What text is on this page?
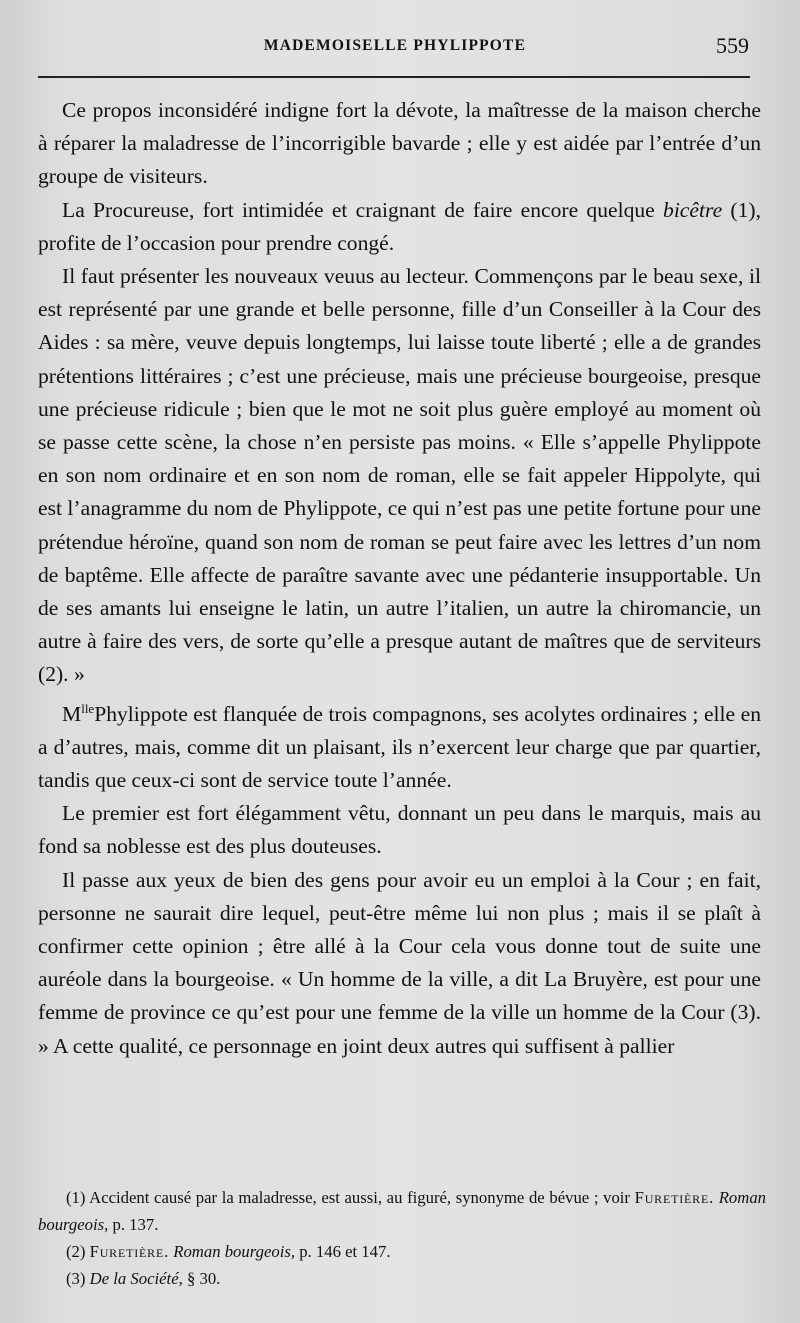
MADEMOISELLE PHYLIPPOTE	559

Ce propos inconsidéré indigne fort la dévote, la maîtresse de la maison cherche à réparer la maladresse de l’incorrigible bavarde ; elle y est aidée par l’entrée d’un groupe de visiteurs.

La Procureuse, fort intimidée et craignant de faire encore quelque bicêtre (1), profite de l’occasion pour prendre congé.

Il faut présenter les nouveaux veuus au lecteur. Commençons par le beau sexe, il est représenté par une grande et belle personne, fille d’un Conseiller à la Cour des Aides : sa mère, veuve depuis longtemps, lui laisse toute liberté ; elle a de grandes prétentions littéraires ; c’est une précieuse, mais une précieuse bourgeoise, presque une précieuse ridicule ; bien que le mot ne soit plus guère employé au moment où se passe cette scène, la chose n’en persiste pas moins. « Elle s’appelle Phylippote en son nom ordinaire et en son nom de roman, elle se fait appeler Hippolyte, qui est l’anagramme du nom de Phylippote, ce qui n’est pas une petite fortune pour une prétendue héroïne, quand son nom de roman se peut faire avec les lettres d’un nom de baptême. Elle affecte de paraître savante avec une pédanterie insupportable. Un de ses amants lui enseigne le latin, un autre l’italien, un autre la chiromancie, un autre à faire des vers, de sorte qu’elle a presque autant de maîtres que de serviteurs (2). »

$M^{lle}Phylippote$ est flanquée de trois compagnons, ses acolytes ordinaires ; elle en a d’autres, mais, comme dit un plaisant, ils n’exercent leur charge que par quartier, tandis que ceux-ci sont de service toute l’année.

Le premier est fort élégamment vêtu, donnant un peu dans le marquis, mais au fond sa noblesse est des plus douteuses.

Il passe aux yeux de bien des gens pour avoir eu un emploi à la Cour ; en fait, personne ne saurait dire lequel, peut-être même lui non plus ; mais il se plaît à confirmer cette opinion ; être allé à la Cour cela vous donne tout de suite une auréole dans la bourgeoise. « Un homme de la ville, a dit La Bruyère, est pour une femme de province ce qu’est pour une femme de la ville un homme de la Cour (3). » A cette qualité, ce personnage en joint deux autres qui suffisent à pallier

(1) Accident causé par la maladresse, est aussi, au figuré, synonyme de bévue ; voir Furetière. Roman bourgeois, p. 137.

(2) Furetière. Roman bourgeois, p. 146 et 147.

(3) De la Société, § 30.
